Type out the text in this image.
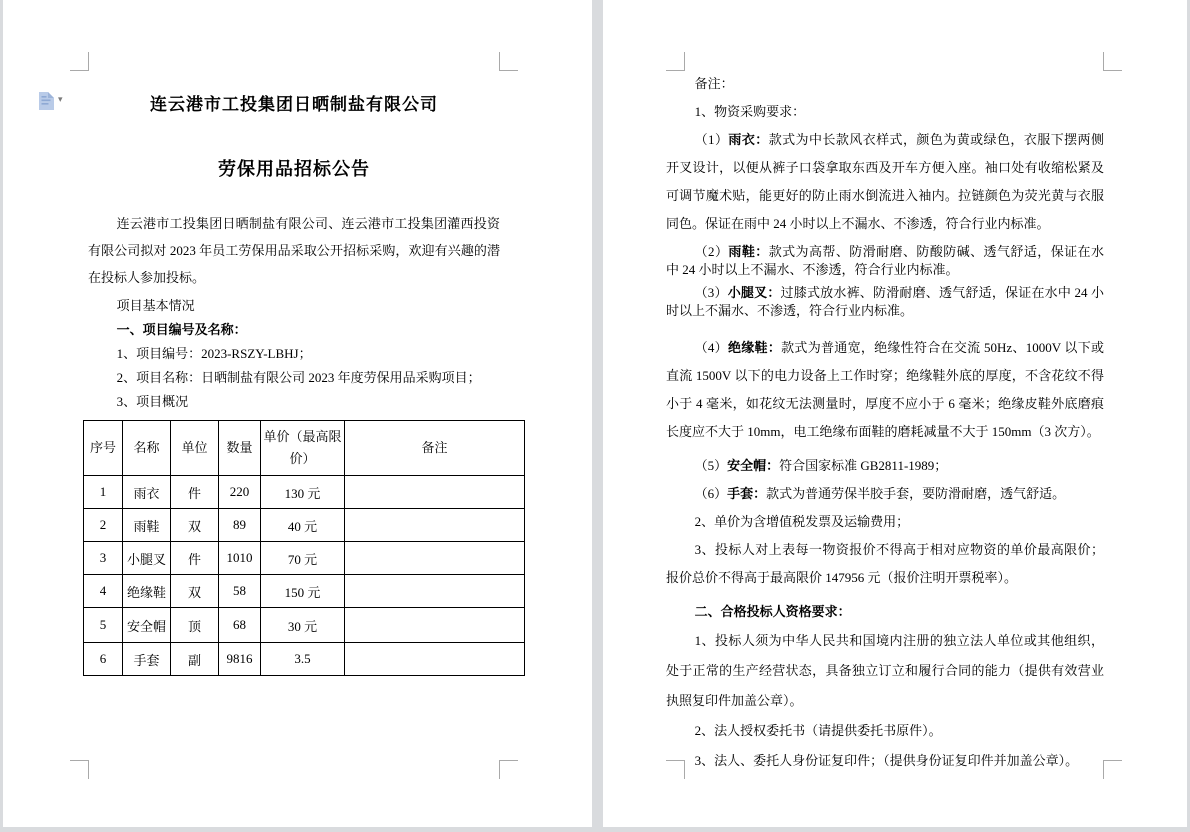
▾	连云港市工投集团日晒制盐有限公司
劳保用品招标公告

连云港市工投集团日晒制盐有限公司、连云港市工投集团灌西投资有限公司拟对 2023 年员工劳保用品采取公开招标采购，欢迎有兴趣的潜在投标人参加投标。

项目基本情况

一、项目编号及名称：

1、项目编号：2023-RSZY-LBHJ；

2、项目名称：日晒制盐有限公司 2023 年度劳保用品采购项目；

3、项目概况

序号	名称	单位	数量	单价（最高限价）	备注
1	雨衣	件	220	130 元	
2	雨鞋	双	89	40 元	
3	小腿叉	件	1010	70 元	
4	绝缘鞋	双	58	150 元	
5	安全帽	顶	68	30 元	
6	手套	副	9816	3.5	

备注：

1、物资采购要求：

（1）雨衣：款式为中长款风衣样式，颜色为黄或绿色，衣服下摆两侧开叉设计，以便从裤子口袋拿取东西及开车方便入座。袖口处有收缩松紧及可调节魔术贴，能更好的防止雨水倒流进入袖内。拉链颜色为荧光黄与衣服同色。保证在雨中 24 小时以上不漏水、不渗透，符合行业内标准。

（2）雨鞋：款式为高帮、防滑耐磨、防酸防碱、透气舒适，保证在水中 24 小时以上不漏水、不渗透，符合行业内标准。

（3）小腿叉：过膝式放水裤、防滑耐磨、透气舒适，保证在水中 24 小时以上不漏水、不渗透，符合行业内标准。

（4）绝缘鞋：款式为普通宽，绝缘性符合在交流 50Hz、1000V 以下或直流 1500V 以下的电力设备上工作时穿；绝缘鞋外底的厚度，不含花纹不得小于 4 毫米，如花纹无法测量时，厚度不应小于 6 毫米；绝缘皮鞋外底磨痕长度应不大于 10mm，电工绝缘布面鞋的磨耗减量不大于 150mm（3 次方）。

（5）安全帽：符合国家标准 GB2811-1989；

（6）手套：款式为普通劳保半胶手套，要防滑耐磨，透气舒适。

2、单价为含增值税发票及运输费用；

3、投标人对上表每一物资报价不得高于相对应物资的单价最高限价；报价总价不得高于最高限价 147956 元（报价注明开票税率）。

二、合格投标人资格要求：

1、投标人须为中华人民共和国境内注册的独立法人单位或其他组织，处于正常的生产经营状态，具备独立订立和履行合同的能力（提供有效营业执照复印件加盖公章）。

2、法人授权委托书（请提供委托书原件）。

3、法人、委托人身份证复印件；（提供身份证复印件并加盖公章）。
